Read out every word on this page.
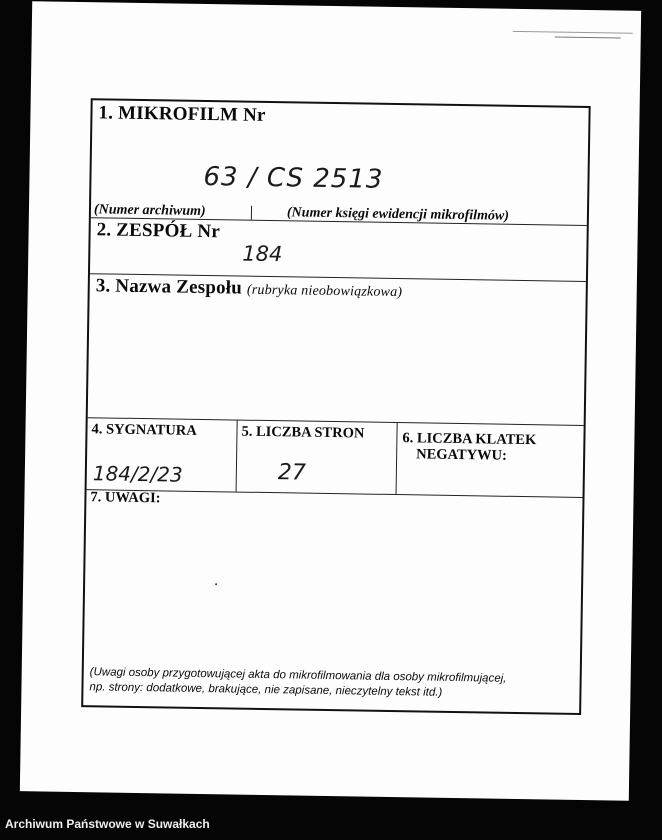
1. MIKROFILM Nr
63 / CS 2513
(Numer archiwum)	(Numer księgi ewidencji mikrofilmów)
2. ZESPÓŁ Nr
184
3. Nazwa Zespołu (rubryka nieobowiązkowa)
4. SYGNATURA
184/2/23
5. LICZBA STRON
27
6. LICZBA KLATEK
NEGATYWU:
7. UWAGI:
(Uwagi osoby przygotowującej akta do mikrofilmowania dla osoby mikrofilmującej,
np. strony: dodatkowe, brakujące, nie zapisane, nieczytelny tekst itd.)
Archiwum Państwowe w Suwałkach
